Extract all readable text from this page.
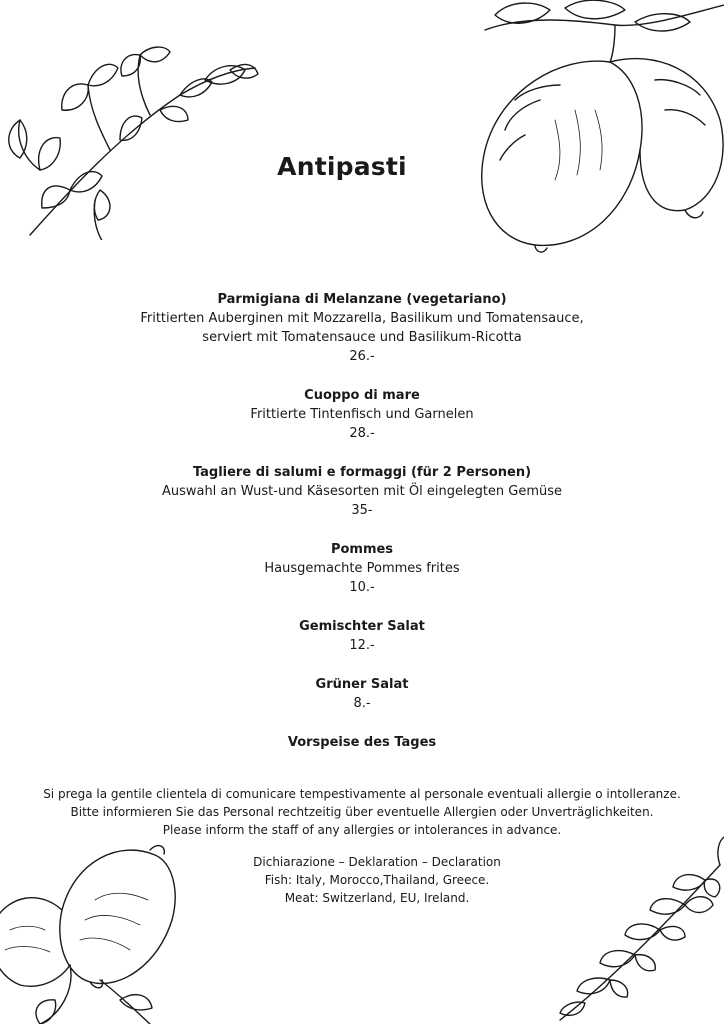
Antipasti
Parmigiana di Melanzane (vegetariano)
Frittierten Auberginen mit Mozzarella, Basilikum und Tomatensauce,
serviert mit Tomatensauce und Basilikum-Ricotta
26.-
Cuoppo di mare
Frittierte Tintenfisch und Garnelen
28.-
Tagliere di salumi e formaggi (für 2 Personen)
Auswahl an Wust-und Käsesorten mit Öl eingelegten Gemüse
35-
Pommes
Hausgemachte Pommes frites
10.-
Gemischter Salat
12.-
Grüner Salat
8.-
Vorspeise des Tages
Si prega la gentile clientela di comunicare tempestivamente al personale eventuali allergie o intolleranze.
Bitte informieren Sie das Personal rechtzeitig über eventuelle Allergien oder Unverträglichkeiten.
Please inform the staff of any allergies or intolerances in advance.
Dichiarazione – Deklaration – Declaration
Fish: Italy, Morocco,Thailand, Greece.
Meat: Switzerland, EU, Ireland.
